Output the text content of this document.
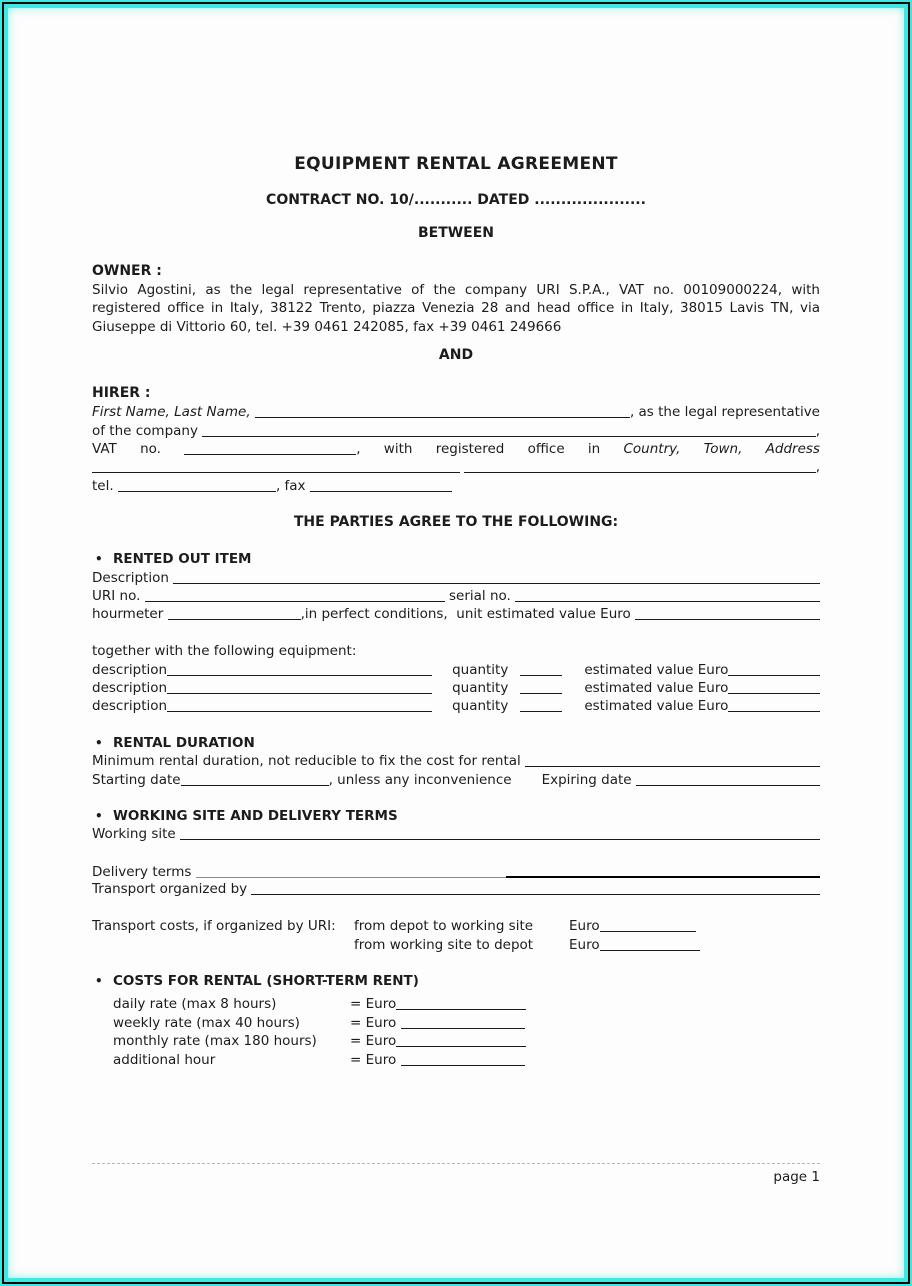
EQUIPMENT RENTAL AGREEMENT
CONTRACT NO. 10/........... DATED .....................
BETWEEN
OWNER :

Silvio Agostini, as the legal representative of the company URI S.P.A., VAT no. 00109000224, with registered office in Italy, 38122 Trento, piazza Venezia 28 and head office in Italy, 38015 Lavis TN, via Giuseppe di Vittorio 60, tel. +39 0461 242085, fax +39 0461 249666

AND
HIRER :
First Name, Last Name,	, as the legal representative
of the company	,
VAT no.	, with registered office in Country, Town, Address

,
tel.	, fax
THE PARTIES AGREE TO THE FOLLOWING:
• RENTED OUT ITEM
Description
URI no.	serial no.
hourmeter	,in perfect conditions,  unit estimated value Euro
together with the following equipment:
description	quantity	estimated value Euro
description	quantity	estimated value Euro
description	quantity	estimated value Euro
• RENTAL DURATION
Minimum rental duration, not reducible to fix the cost for rental
Starting date	, unless any inconvenience Expiring date
• WORKING SITE AND DELIVERY TERMS
Working site
Delivery terms
Transport organized by
Transport costs, if organized by URI: from depot to working site	Euro
from working site to depot	Euro
• COSTS FOR RENTAL (SHORT-TERM RENT)
daily rate (max 8 hours)	= Euro
weekly rate (max 40 hours)	= Euro
monthly rate (max 180 hours) = Euro
additional hour	= Euro
page 1
